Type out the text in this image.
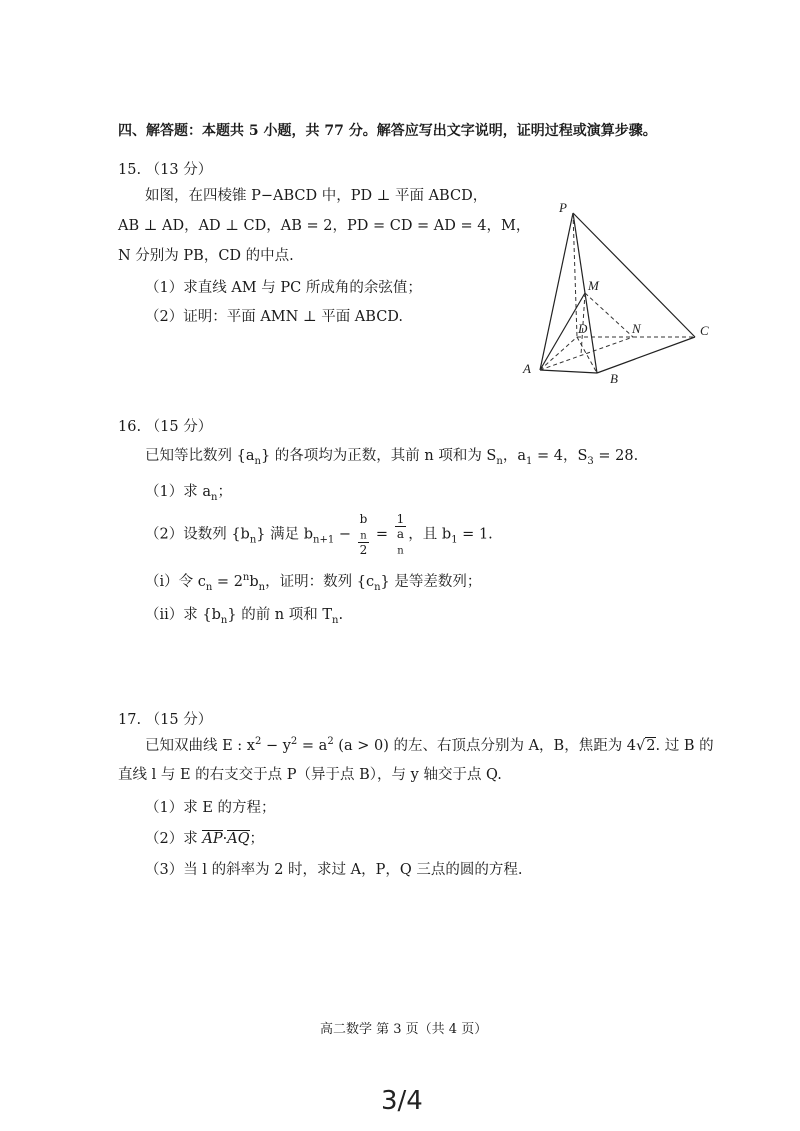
四、解答题：本题共 5 小题，共 77 分。解答应写出文字说明，证明过程或演算步骤。
15. （13 分）
如图，在四棱锥 P−ABCD 中，PD ⊥ 平面 ABCD，
AB ⊥ AD，AD ⊥ CD，AB = 2，PD = CD = AD = 4，M，
N 分别为 PB，CD 的中点.
（1）求直线 AM 与 PC 所成角的余弦值；
（2）证明：平面 AMN ⊥ 平面 ABCD.
P
M
D	N	C
A
B
16. （15 分）
已知等比数列 $\{a_n\}$ 的各项均为正数，其前 n 项和为 $S_n$，$a_1 = 4$，$S_3 = 28$.
（1）求 $a_n$；
（2）设数列 $\{b_n\}$ 满足 $b_{n+1} - b$
$_n$
2 = 1
a
$_n$ ，且 $b_1 = 1$.
（i）令 $c_n = 2^nb_n$，证明：数列 $\{c_n\}$ 是等差数列；
（ii）求 $\{b_n\}$ 的前 n 项和 $T_n$.
17. （15 分）
已知双曲线 E : $x^2 - y^2 = a^2$ (a > 0) 的左、右顶点分别为 A，B，焦距为 4√2. 过 B 的
直线 l 与 E 的右支交于点 P（异于点 B），与 y 轴交于点 Q.
（1）求 E 的方程；
（2）求 AP·AQ；
（3）当 l 的斜率为 2 时，求过 A，P，Q 三点的圆的方程.
高二数学 第 3 页（共 4 页）
3/4
